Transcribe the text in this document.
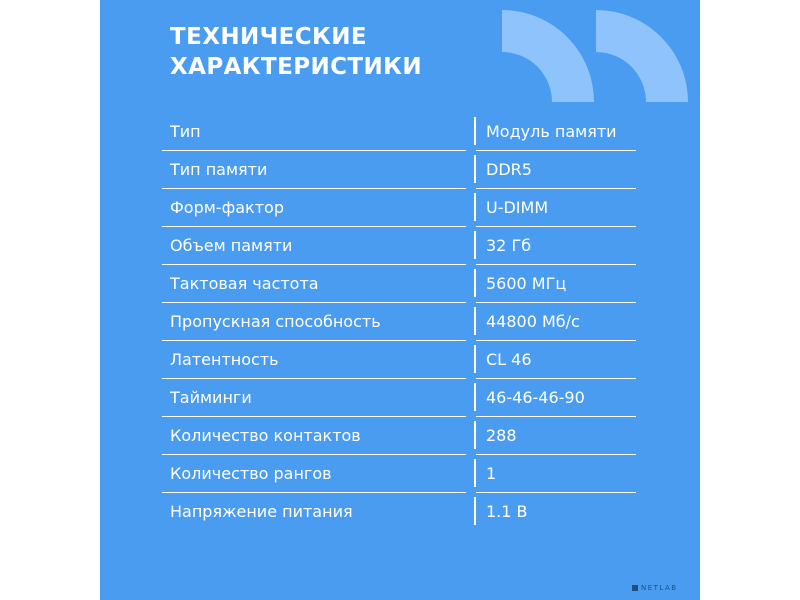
ТЕХНИЧЕСКИЕ
ХАРАКТЕРИСТИКИ
Тип	Модуль памяти
Тип памяти	DDR5
Форм-фактор	U-DIMM
Объем памяти	32 Гб
Тактовая частота	5600 МГц
Пропускная способность	44800 Мб/с
Латентность	CL 46
Тайминги	46-46-46-90
Количество контактов	288
Количество рангов	1
Напряжение питания	1.1 В
NETLAB
